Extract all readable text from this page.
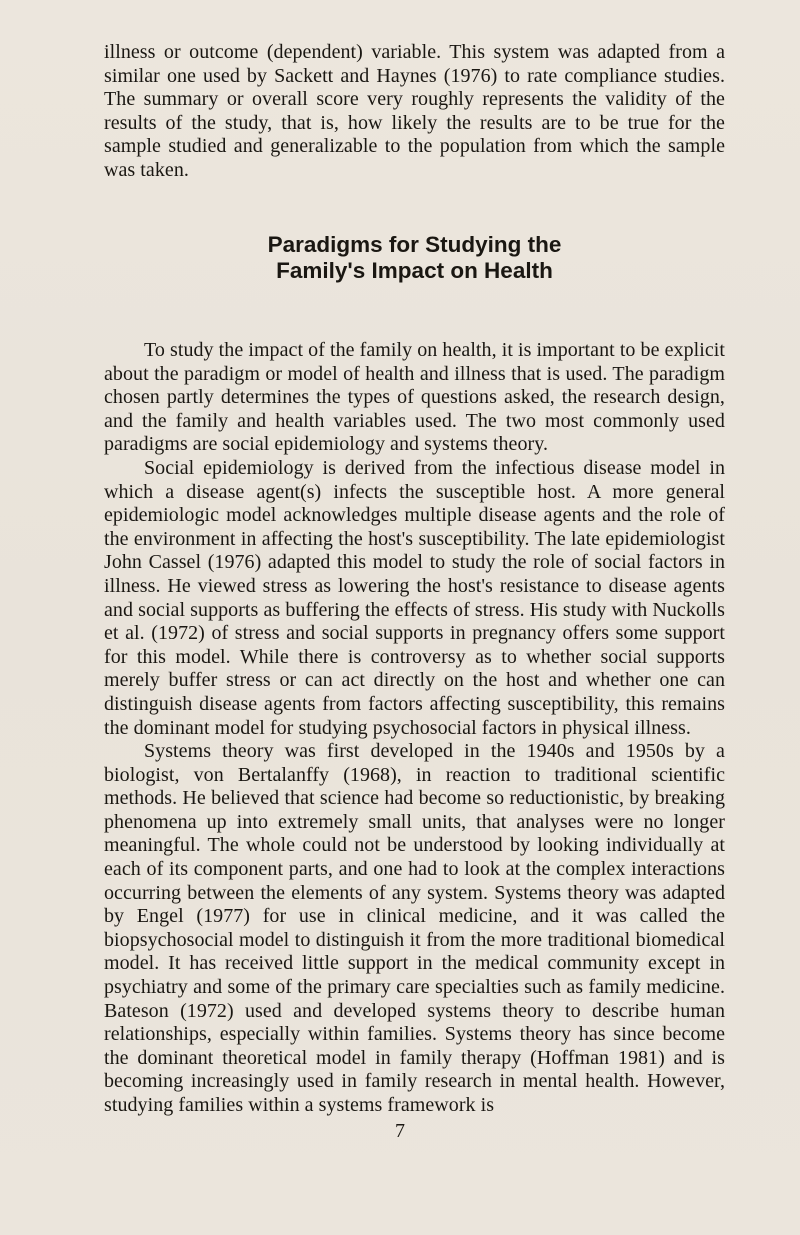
illness or outcome (dependent) variable. This system was adapted from a similar one used by Sackett and Haynes (1976) to rate compliance studies. The summary or overall score very roughly represents the validity of the results of the study, that is, how likely the results are to be true for the sample studied and generalizable to the population from which the sample was taken.

Paradigms for Studying the
Family's Impact on Health

To study the impact of the family on health, it is important to be explicit about the paradigm or model of health and illness that is used. The paradigm chosen partly determines the types of questions asked, the research design, and the family and health variables used. The two most commonly used paradigms are social epidemiology and systems theory.

Social epidemiology is derived from the infectious disease model in which a disease agent(s) infects the susceptible host. A more general epidemiologic model acknowledges multiple disease agents and the role of the environment in affecting the host's susceptibility. The late epidemiologist John Cassel (1976) adapted this model to study the role of social factors in illness. He viewed stress as lowering the host's resistance to disease agents and social supports as buffering the effects of stress. His study with Nuckolls et al. (1972) of stress and social supports in pregnancy offers some support for this model. While there is controversy as to whether social supports merely buffer stress or can act directly on the host and whether one can distinguish disease agents from factors affecting susceptibility, this remains the dominant model for studying psychosocial factors in physical illness.

Systems theory was first developed in the 1940s and 1950s by a biologist, von Bertalanffy (1968), in reaction to traditional scientific methods. He believed that science had become so reductionistic, by breaking phenomena up into extremely small units, that analyses were no longer meaningful. The whole could not be understood by looking individually at each of its component parts, and one had to look at the complex interactions occurring between the elements of any system. Systems theory was adapted by Engel (1977) for use in clinical medicine, and it was called the biopsychosocial model to distinguish it from the more traditional biomedical model. It has received little support in the medical community except in psychiatry and some of the primary care specialties such as family medicine. Bateson (1972) used and developed systems theory to describe human relationships, especially within families. Systems theory has since become the dominant theoretical model in family therapy (Hoffman 1981) and is becoming increasingly used in family research in mental health. However, studying families within a systems framework is

7
